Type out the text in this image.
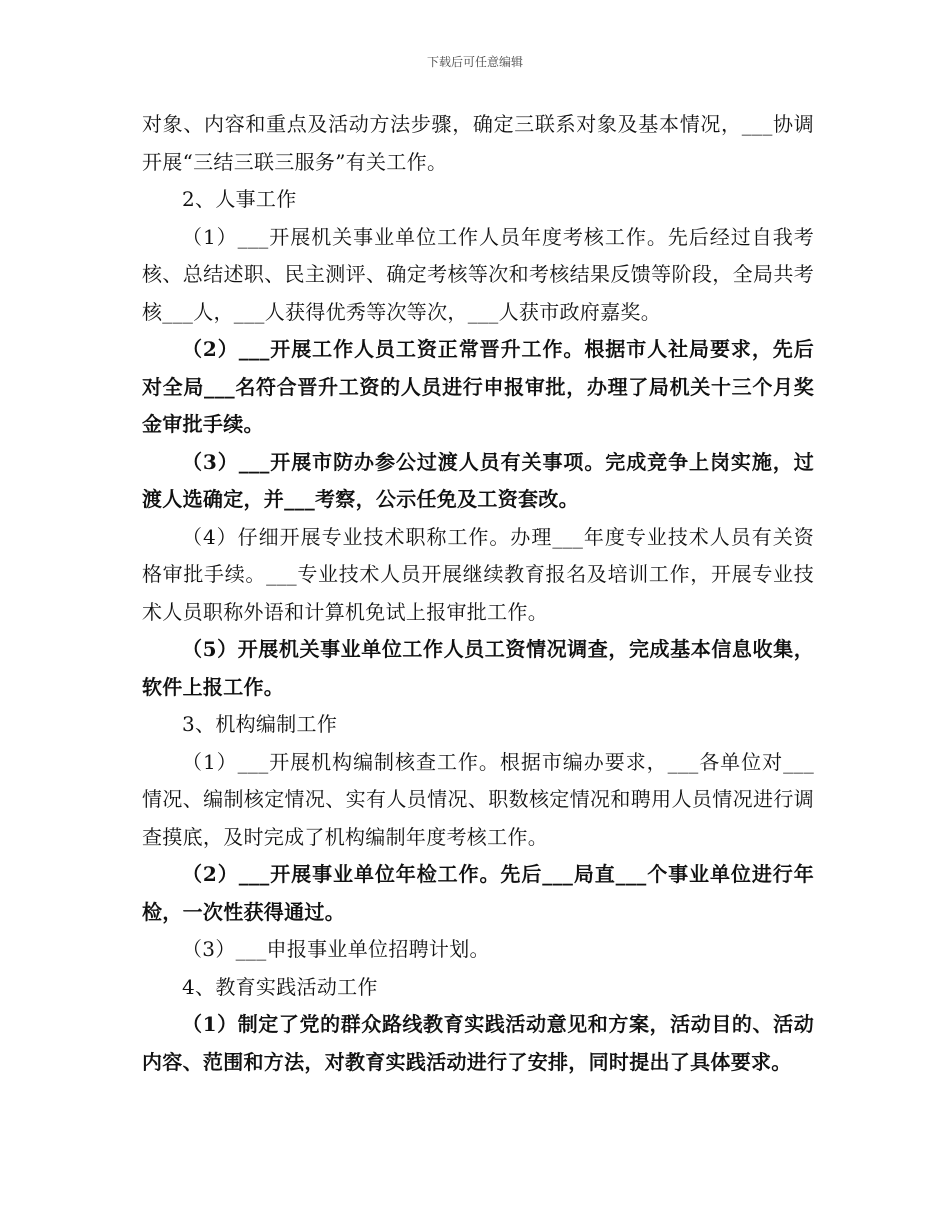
下载后可任意编辑

对象、内容和重点及活动方法步骤，确定三联系对象及基本情况，___协调开展“三结三联三服务”有关工作。

2、人事工作

（1）___开展机关事业单位工作人员年度考核工作。先后经过自我考核、总结述职、民主测评、确定考核等次和考核结果反馈等阶段，全局共考核___人，___人获得优秀等次等次，___人获市政府嘉奖。

（2）___开展工作人员工资正常晋升工作。根据市人社局要求，先后对全局___名符合晋升工资的人员进行申报审批，办理了局机关十三个月奖金审批手续。

（3）___开展市防办参公过渡人员有关事项。完成竞争上岗实施，过渡人选确定，并___考察，公示任免及工资套改。

（4）仔细开展专业技术职称工作。办理___年度专业技术人员有关资格审批手续。___专业技术人员开展继续教育报名及培训工作，开展专业技术人员职称外语和计算机免试上报审批工作。

（5）开展机关事业单位工作人员工资情况调查，完成基本信息收集，软件上报工作。

3、机构编制工作

（1）___开展机构编制核查工作。根据市编办要求，___各单位对___情况、编制核定情况、实有人员情况、职数核定情况和聘用人员情况进行调查摸底，及时完成了机构编制年度考核工作。

（2）___开展事业单位年检工作。先后___局直___个事业单位进行年检，一次性获得通过。

（3）___申报事业单位招聘计划。

4、教育实践活动工作

（1）制定了党的群众路线教育实践活动意见和方案，活动目的、活动内容、范围和方法，对教育实践活动进行了安排，同时提出了具体要求。
